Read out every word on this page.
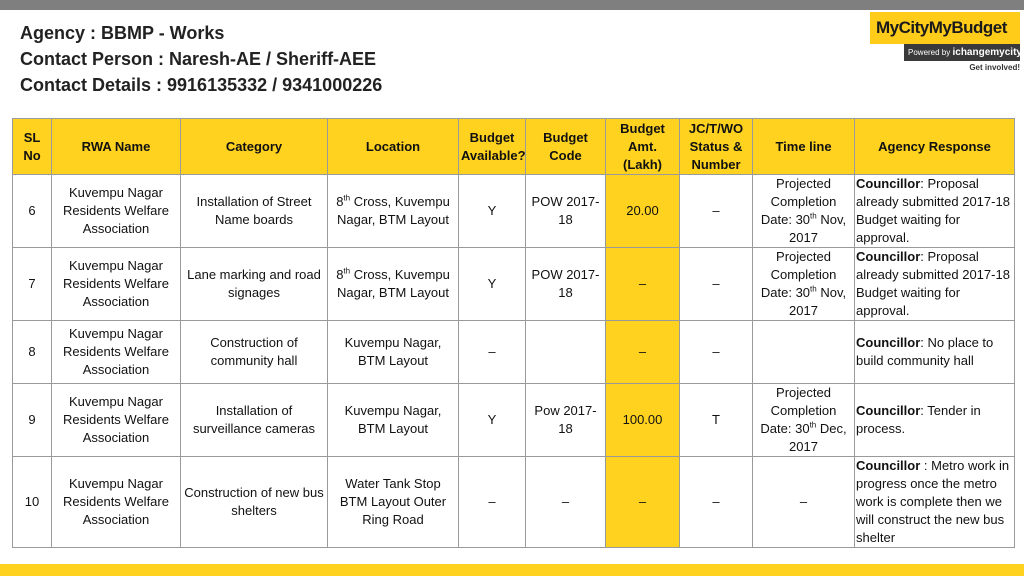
Agency : BBMP - Works
Contact Person : Naresh-AE / Sheriff-AEE
Contact Details : 9916135332 / 9341000226
MyCityMyBudget
Powered by ichangemycity
Get involved!
SL No	RWA Name	Category	Location	Budget Available?	Budget Code	Budget Amt. (Lakh)	JC/T/WO Status & Number	Time line	Agency Response
6	Kuvempu Nagar Residents Welfare Association	Installation of Street Name boards	8th Cross, Kuvempu Nagar, BTM Layout	Y	POW 2017-18	20.00	–	Projected Completion Date: 30th Nov, 2017	Councillor: Proposal already submitted 2017-18 Budget waiting for approval.
7	Kuvempu Nagar Residents Welfare Association	Lane marking and road signages	8th Cross, Kuvempu Nagar, BTM Layout	Y	POW 2017-18	–	–	Projected Completion Date: 30th Nov, 2017	Councillor: Proposal already submitted 2017-18 Budget waiting for approval.
8	Kuvempu Nagar Residents Welfare Association	Construction of community hall	Kuvempu Nagar, BTM Layout	–		–	–		Councillor: No place to build community hall
9	Kuvempu Nagar Residents Welfare Association	Installation of surveillance cameras	Kuvempu Nagar, BTM Layout	Y	Pow 2017-18	100.00	T	Projected Completion Date: 30th Dec, 2017	Councillor: Tender in process.
10	Kuvempu Nagar Residents Welfare Association	Construction of new bus shelters	Water Tank Stop BTM Layout Outer Ring Road	–	–	–	–	–	Councillor : Metro work in progress once the metro work is complete then we will construct the new bus shelter
